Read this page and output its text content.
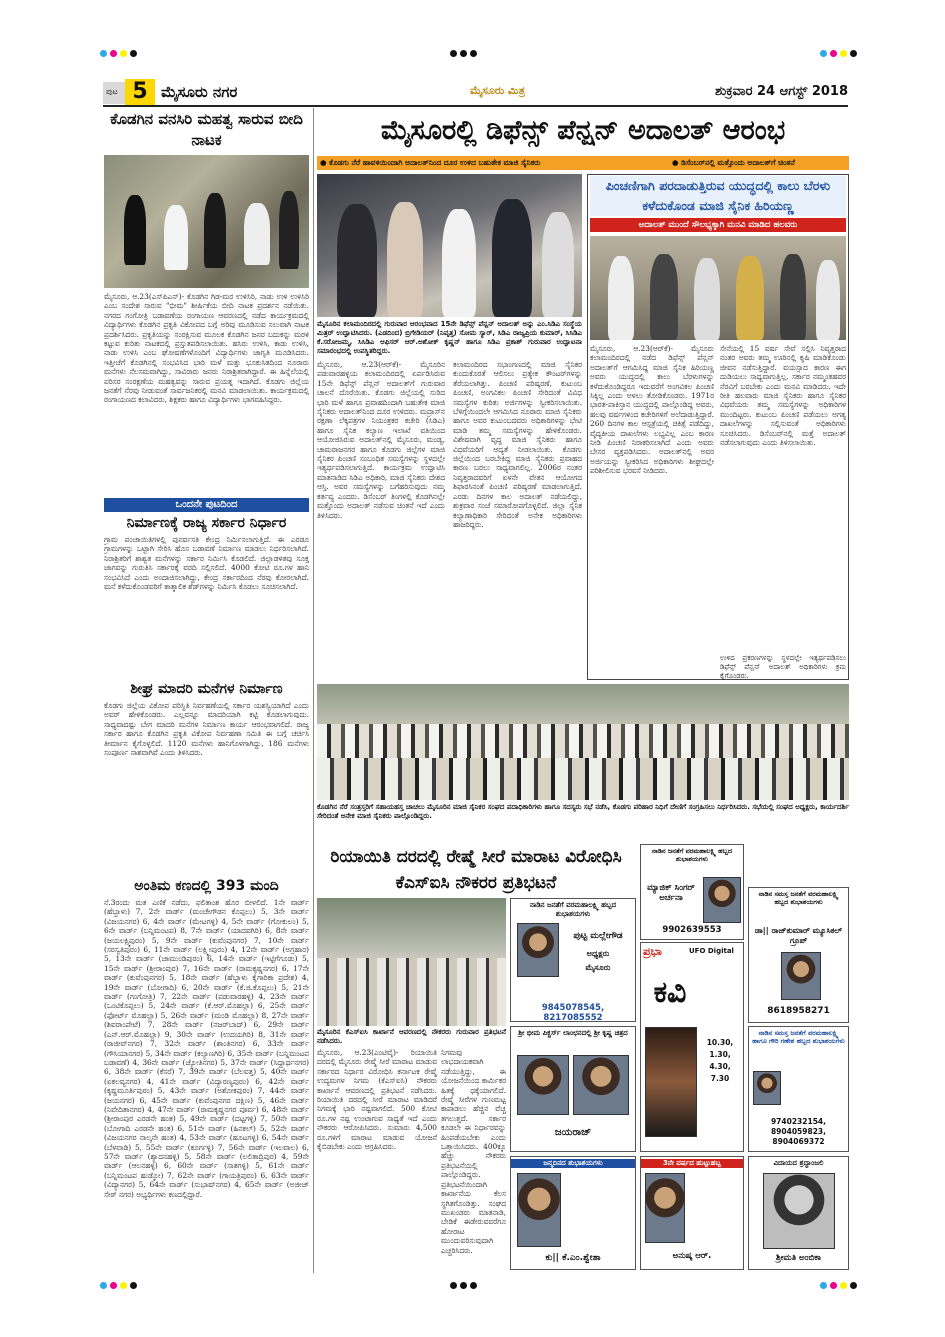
ಪುಟ 5 ಮೈಸೂರು ನಗರ	ಮೈಸೂರು ಮಿತ್ರ	ಶುಕ್ರವಾರ 24 ಆಗಸ್ಟ್ 2018
ಕೊಡಗಿನ ವನಸಿರಿ ಮಹತ್ವ ಸಾರುವ ಬೀದಿ ನಾಟಕ
ಮೈಸೂರು, ಆ.23(ಎಸ್‌ಪಿಎನ್)- ಕೊಡಗಿನ ಗಿಡ-ಮರ ಉಳಿಸಿರಿ, ನಾಡು ಉಳಿ ಉಳಿಸಿರಿ ಎಂಬ ಸಂದೇಶ ಸಾರುವ "ಭೀಮ" ಶೀರ್ಷಿಕೆಯ ಬೀದಿ ನಾಟಕ ಪ್ರದರ್ಶನ ನಡೆಯಿತು. ನಗರದ ಗಂಗೋತ್ರಿ ಬಡಾವಣೆಯ ರಂಗಾಯಣ ಆವರಣದಲ್ಲಿ ನಡೆದ ಕಾರ್ಯಕ್ರಮದಲ್ಲಿ ವಿದ್ಯಾರ್ಥಿಗಳು ಕೊಡಗಿನ ಪ್ರಕೃತಿ ವಿಕೋಪದ ಬಗ್ಗೆ ಅರಿವು ಮೂಡಿಸುವ ಸಲುವಾಗಿ ನಾಟಕ ಪ್ರದರ್ಶಿಸಿದರು. ಪ್ರಕೃತಿಯನ್ನು ಸಂರಕ್ಷಿಸುವ ಮೂಲಕ ಕೊಡಗಿನ ಜನರ ಬದುಕನ್ನು ಮರಳಿ ಕಟ್ಟುವ ಕುರಿತು ನಾಟಕದಲ್ಲಿ ಪ್ರಸ್ತುತಪಡಿಸಲಾಯಿತು. ಹಸಿರು ಉಳಿಸಿ, ಕಾಡು ಉಳಿಸಿ, ನಾಡು ಉಳಿಸಿ ಎಂಬ ಘೋಷಣೆಗಳೊಂದಿಗೆ ವಿದ್ಯಾರ್ಥಿಗಳು ಜಾಗೃತಿ ಮೂಡಿಸಿದರು. ಇತ್ತೀಚೆಗೆ ಕೊಡಗಿನಲ್ಲಿ ಸಂಭವಿಸಿದ ಭಾರಿ ಮಳೆ ಮತ್ತು ಭೂಕುಸಿತದಿಂದ ನೂರಾರು ಮನೆಗಳು ನೆಲಸಮವಾಗಿದ್ದು, ಸಾವಿರಾರು ಜನರು ನಿರಾಶ್ರಿತರಾಗಿದ್ದಾರೆ. ಈ ಹಿನ್ನೆಲೆಯಲ್ಲಿ ಪರಿಸರ ಸಂರಕ್ಷಣೆಯ ಮಹತ್ವವನ್ನು ಸಾರುವ ಪ್ರಯತ್ನ ಇದಾಗಿದೆ. ಕೊಡಗು ಜಿಲ್ಲೆಯ ಜನತೆಗೆ ನೆರವು ನೀಡುವಂತೆ ಸಾರ್ವಜನಿಕರಲ್ಲಿ ಮನವಿ ಮಾಡಲಾಯಿತು. ಕಾರ್ಯಕ್ರಮದಲ್ಲಿ ರಂಗಾಯಣದ ಕಲಾವಿದರು, ಶಿಕ್ಷಕರು ಹಾಗೂ ವಿದ್ಯಾರ್ಥಿಗಳು ಭಾಗವಹಿಸಿದ್ದರು.
ಒಂದನೇ ಪುಟದಿಂದ
ನಿರ್ಮಾಣಕ್ಕೆ ರಾಜ್ಯ ಸರ್ಕಾರ ನಿರ್ಧಾರ
ಗ್ರಾಮ ಪಂಚಾಯಿತಿಗಳಲ್ಲಿ ಪುನರ್ವಸತಿ ಕೇಂದ್ರ ನಿರ್ಮಿಸಲಾಗುತ್ತಿದೆ. ಈ ಎರಡೂ ಗ್ರಾಮಗಳನ್ನು ಒಟ್ಟಾಗಿ ಸೇರಿಸಿ ಹೊಸ ಬಡಾವಣೆ ನಿರ್ಮಾಣ ಮಾಡಲು ನಿರ್ಧರಿಸಲಾಗಿದೆ. ನಿರಾಶ್ರಿತರಿಗೆ ಶಾಶ್ವತ ಮನೆಗಳನ್ನು ಸರ್ಕಾರ ನಿರ್ಮಿಸಿ ಕೊಡಲಿದೆ. ಜಿಲ್ಲಾಡಳಿತವು ಸೂಕ್ತ ಜಾಗವನ್ನು ಗುರುತಿಸಿ ಸರ್ಕಾರಕ್ಕೆ ವರದಿ ಸಲ್ಲಿಸಲಿದೆ. 4000 ಕೋಟಿ ರೂ.ಗಳ ಹಾನಿ ಸಂಭವಿಸಿದೆ ಎಂದು ಅಂದಾಜಿಸಲಾಗಿದ್ದು, ಕೇಂದ್ರ ಸರ್ಕಾರದಿಂದ ನೆರವು ಕೋರಲಾಗಿದೆ. ಮನೆ ಕಳೆದುಕೊಂಡವರಿಗೆ ತಾತ್ಕಾಲಿಕ ಶೆಡ್‌ಗಳನ್ನು ನಿರ್ಮಿಸಿ ಕೊಡಲು ಸೂಚಿಸಲಾಗಿದೆ.
ಶೀಘ್ರ ಮಾದರಿ ಮನೆಗಳ ನಿರ್ಮಾಣ
ಕೊಡಗು ಜಿಲ್ಲೆಯ ವಿಕೋಪ ಪರಿಸ್ಥಿತಿ ನಿರ್ವಹಣೆಯಲ್ಲಿ ಸರ್ಕಾರ ಯಶಸ್ವಿಯಾಗಿದೆ ಎಂದು ಅವರ್ ಹೇಳಿಕೊಂಡರು. ಎಲ್ಲವನ್ನೂ ಮಾದರಿಯಾಗಿ ಕಟ್ಟಿ ಕೊಡಲಾಗುವುದು. ಸಾಧ್ಯವಾದಷ್ಟು ಬೇಗ ಮಾದರಿ ಮನೆಗಳ ನಿರ್ಮಾಣ ಕಾರ್ಯ ಆರಂಭವಾಗಲಿದೆ. ರಾಜ್ಯ ಸರ್ಕಾರ ಹಾಗೂ ಕೊಡಗಿನ ಪ್ರಕೃತಿ ವಿಕೋಪ ನಿರ್ವಹಣಾ ಸಮಿತಿ ಈ ಬಗ್ಗೆ ಚರ್ಚಿಸಿ ತೀರ್ಮಾನ ಕೈಗೊಳ್ಳಲಿದೆ. 1120 ಮನೆಗಳು ಹಾನಿಗೊಳಗಾಗಿದ್ದು, 186 ಮನೆಗಳು ಸಂಪೂರ್ಣ ನಾಶವಾಗಿವೆ ಎಂದು ತಿಳಿಸಿದರು.
ಅಂತಿಮ ಕಣದಲ್ಲಿ 393 ಮಂದಿ
ನೆ.3ರಂದು ಮತ ಎಣಿಕೆ ನಡೆದು, ಫಲಿತಾಂಶ ಹೊರ ಬೀಳಲಿದೆ. 1ನೇ ವಾರ್ಡ್ (ಹೆಬ್ಬಾಳು) 7, 2ನೇ ವಾರ್ಡ್ (ಮಂಚೇಗೌಡನ ಕೊಪ್ಪಲು) 5, 3ನೇ ವಾರ್ಡ್ (ವಿಜಯನಗರ) 6, 4ನೇ ವಾರ್ಡ್ (ಮೇಟಗಳ್ಳಿ) 4, 5ನೇ ವಾರ್ಡ್ (ಗೋಕುಲಂ) 5, 6ನೇ ವಾರ್ಡ್ (ಬನ್ನಿಮಂಟಪ) 8, 7ನೇ ವಾರ್ಡ್ (ಯಾದವಗಿರಿ) 6, 8ನೇ ವಾರ್ಡ್ (ಜಯಲಕ್ಷ್ಮಿಪುರಂ) 5, 9ನೇ ವಾರ್ಡ್ (ಕುವೆಂಪುನಗರ) 7, 10ನೇ ವಾರ್ಡ್ (ಸರಸ್ವತಿಪುರಂ) 6, 11ನೇ ವಾರ್ಡ್ (ಲಕ್ಷ್ಮೀಪುರಂ) 4, 12ನೇ ವಾರ್ಡ್ (ಅಗ್ರಹಾರ) 5, 13ನೇ ವಾರ್ಡ್ (ಚಾಮುಂಡಿಪುರಂ) 6, 14ನೇ ವಾರ್ಡ್ (ಇಟ್ಟಿಗೆಗೂಡು) 5, 15ನೇ ವಾರ್ಡ್ (ಶ್ರೀರಾಂಪುರ) 7, 16ನೇ ವಾರ್ಡ್ (ರಾಮಕೃಷ್ಣನಗರ) 6, 17ನೇ ವಾರ್ಡ್ (ಕುವೆಂಪುನಗರ) 5, 18ನೇ ವಾರ್ಡ್ (ಹೆಬ್ಬಾಳು ಕೈಗಾರಿಕಾ ಪ್ರದೇಶ) 4, 19ನೇ ವಾರ್ಡ್ (ಬೋಗಾದಿ) 6, 20ನೇ ವಾರ್ಡ್ (ಕೆ.ಜಿ.ಕೊಪ್ಪಲು) 5, 21ನೇ ವಾರ್ಡ್ (ಗಂಗೋತ್ರಿ) 7, 22ನೇ ವಾರ್ಡ್ (ಪಡುವಾರಹಳ್ಳಿ) 4, 23ನೇ ವಾರ್ಡ್ (ಒಂಟಿಕೊಪ್ಪಲು) 5, 24ನೇ ವಾರ್ಡ್ (ಕೆ.ಆರ್.ಮೊಹಲ್ಲಾ) 6, 25ನೇ ವಾರ್ಡ್ (ಫೋರ್ಟ್ ಮೊಹಲ್ಲಾ) 5, 26ನೇ ವಾರ್ಡ್ (ಮಂಡಿ ಮೊಹಲ್ಲಾ) 8, 27ನೇ ವಾರ್ಡ್ (ಶಿವರಾಂಪೇಟೆ) 7, 28ನೇ ವಾರ್ಡ್ (ನಜರ್‌ಬಾದ್) 6, 29ನೇ ವಾರ್ಡ್ (ಎನ್.ಆರ್.ಮೊಹಲ್ಲಾ) 9, 30ನೇ ವಾರ್ಡ್ (ಉದಯಗಿರಿ) 8, 31ನೇ ವಾರ್ಡ್ (ರಾಜೀವ್‌ನಗರ) 7, 32ನೇ ವಾರ್ಡ್ (ಶಾಂತಿನಗರ) 6, 33ನೇ ವಾರ್ಡ್ (ಗೌಸಿಯಾನಗರ) 5, 34ನೇ ವಾರ್ಡ್ (ಕಲ್ಯಾಣಗಿರಿ) 6, 35ನೇ ವಾರ್ಡ್ (ಬನ್ನಿಮಂಟಪ ಬಡಾವಣೆ) 4, 36ನೇ ವಾರ್ಡ್ (ಜ್ಯೋತಿನಗರ) 5, 37ನೇ ವಾರ್ಡ್ (ಸಿದ್ದಾರ್ಥನಗರ) 6, 38ನೇ ವಾರ್ಡ್ (ಕೆಸರೆ) 7, 39ನೇ ವಾರ್ಡ್ (ಬೆಲವತ್ತ) 5, 40ನೇ ವಾರ್ಡ್ (ಏಕಲವ್ಯನಗರ) 4, 41ನೇ ವಾರ್ಡ್ (ವಿದ್ಯಾರಣ್ಯಪುರಂ) 6, 42ನೇ ವಾರ್ಡ್ (ಕೃಷ್ಣಮೂರ್ತಿಪುರಂ) 5, 43ನೇ ವಾರ್ಡ್ (ಅಶೋಕಪುರಂ) 7, 44ನೇ ವಾರ್ಡ್ (ಜಯನಗರ) 6, 45ನೇ ವಾರ್ಡ್ (ಕುವೆಂಪುನಗರ ದಕ್ಷಿಣ) 5, 46ನೇ ವಾರ್ಡ್ (ನಿವೇದಿತಾನಗರ) 4, 47ನೇ ವಾರ್ಡ್ (ರಾಮಕೃಷ್ಣನಗರ ಪೂರ್ವ) 6, 48ನೇ ವಾರ್ಡ್ (ಶ್ರೀರಾಂಪುರ ಎರಡನೇ ಹಂತ) 5, 49ನೇ ವಾರ್ಡ್ (ದಟ್ಟಗಳ್ಳಿ) 7, 50ನೇ ವಾರ್ಡ್ (ಬೋಗಾದಿ ಎರಡನೇ ಹಂತ) 6, 51ನೇ ವಾರ್ಡ್ (ಹಿನಕಲ್) 5, 52ನೇ ವಾರ್ಡ್ (ವಿಜಯನಗರ ನಾಲ್ಕನೇ ಹಂತ) 4, 53ನೇ ವಾರ್ಡ್ (ಹೂಟಗಳ್ಳಿ) 6, 54ನೇ ವಾರ್ಡ್ (ಬೆಳವಾಡಿ) 5, 55ನೇ ವಾರ್ಡ್ (ಕೂರ್ಗಳ್ಳಿ) 7, 56ನೇ ವಾರ್ಡ್ (ಇಲವಾಲ) 6, 57ನೇ ವಾರ್ಡ್ (ಶ್ಯಾದನಹಳ್ಳಿ) 5, 58ನೇ ವಾರ್ಡ್ (ಲಲಿತಾದ್ರಿಪುರ) 4, 59ನೇ ವಾರ್ಡ್ (ಆಲನಹಳ್ಳಿ) 6, 60ನೇ ವಾರ್ಡ್ (ಸಾತಗಳ್ಳಿ) 5, 61ನೇ ವಾರ್ಡ್ (ಬನ್ನಿಮಂಟಪ ಹುಡ್ಕೋ) 7, 62ನೇ ವಾರ್ಡ್ (ಗಾಯತ್ರಿಪುರಂ) 6, 63ನೇ ವಾರ್ಡ್ (ವಿದ್ಯಾನಗರ) 5, 64ನೇ ವಾರ್ಡ್ (ಸುಭಾಷ್‌ನಗರ) 4, 65ನೇ ವಾರ್ಡ್ (ಅಜೀಜ್ ಸೇಠ್ ನಗರ) ಅಭ್ಯರ್ಥಿಗಳು ಕಣದಲ್ಲಿದ್ದಾರೆ.
ಮೈಸೂರಲ್ಲಿ ಡಿಫೆನ್ಸ್ ಪೆನ್ಷನ್ ಅದಾಲತ್ ಆರಂಭ
● ಕೊಡಗು ನೆರೆ ಹಾವಳಿಯಿಂದಾಗಿ ಅದಾಲತ್‌ನಿಂದ ದೂರ ಉಳಿದ ಬಹುತೇಕ ಮಾಜಿ ಸೈನಿಕರು	● ಡಿಸೆಂಬರ್‌ನಲ್ಲಿ ಮತ್ತೊಂದು ಅದಾಲತ್‌ಗೆ ಚಿಂತನೆ
ಮೈಸೂರಿನ ಕಲಾಮಂದಿರದಲ್ಲಿ ಗುರುವಾರ ಆರಂಭವಾದ 15ನೇ ಡಿಫೆನ್ಸ್ ಪೆನ್ಷನ್ ಅದಾಲತ್ ಅನ್ನು ಎಂ.ಸಿಡಿಎ ಸಂಸ್ಥೆಯ ಮಿತ್ರರ್ ಉದ್ಘಾಟಿಸಿದರು. (ಎಡದಿಂದ) ಬ್ರಿಗೇಡಿಯರ್ (ನಿವೃತ್ತ) ಸೋಮ ಸ್ಯಾರ್, ಸಿಡಿಎ ರಾಜ್ಯಪ್ರಿಯ ಕುಮಾರ್, ಸಿಸಿಡಿಎ ಕೆ.ಸರೋಜಮ್ಮ, ಸಿಸಿಡಿಎ ಆಫಿಸರ್ ಆರ್.ಅಶೋಕ್ ಕೃಷ್ಣನ್ ಹಾಗೂ ಸಿಡಿಎ ಪ್ರಕಾಶ್ ಗುರುವಾರ ಉದ್ಘಾಟನಾ ಸಮಾರಂಭದಲ್ಲಿ ಉಪಸ್ಥಿತರಿದ್ದರು.
ಮೈಸೂರು, ಆ.23(ಆರ್‌ಕೆ)- ಮೈಸೂರಿನ ಪಡುವಾರಹಳ್ಳಿಯ ಕಲಾಮಂದಿರದಲ್ಲಿ ಏರ್ಪಡಿಸಿರುವ 15ನೇ ಡಿಫೆನ್ಸ್ ಪೆನ್ಷನ್ ಅದಾಲತ್‌ಗೆ ಗುರುವಾರ ಚಾಲನೆ ದೊರೆಯಿತು. ಕೊಡಗು ಜಿಲ್ಲೆಯಲ್ಲಿ ಸುರಿದ ಭಾರಿ ಮಳೆ ಹಾಗೂ ಪ್ರವಾಹದಿಂದಾಗಿ ಬಹುತೇಕ ಮಾಜಿ ಸೈನಿಕರು ಅದಾಲತ್‌ನಿಂದ ದೂರ ಉಳಿದರು. ಮದ್ರಾಸ್‌ನ ರಕ್ಷಣಾ ಲೆಕ್ಕಪತ್ರಗಳ ನಿಯಂತ್ರಕರ ಕಚೇರಿ (ಸಿಡಿಎ) ಹಾಗೂ ಸೈನಿಕ ಕಲ್ಯಾಣ ಇಲಾಖೆ ವತಿಯಿಂದ ಆಯೋಜಿಸಿರುವ ಅದಾಲತ್‌ನಲ್ಲಿ ಮೈಸೂರು, ಮಂಡ್ಯ, ಚಾಮರಾಜನಗರ ಹಾಗೂ ಕೊಡಗು ಜಿಲ್ಲೆಗಳ ಮಾಜಿ ಸೈನಿಕರ ಪಿಂಚಣಿ ಸಂಬಂಧಿತ ಸಮಸ್ಯೆಗಳನ್ನು ಸ್ಥಳದಲ್ಲೇ ಇತ್ಯರ್ಥಪಡಿಸಲಾಗುತ್ತಿದೆ. ಕಾರ್ಯಕ್ರಮ ಉದ್ಘಾಟಿಸಿ ಮಾತನಾಡಿದ ಸಿಡಿಎ ಅಧಿಕಾರಿ, ಮಾಜಿ ಸೈನಿಕರು ದೇಶದ ಆಸ್ತಿ. ಅವರ ಸಮಸ್ಯೆಗಳನ್ನು ಬಗೆಹರಿಸುವುದು ನಮ್ಮ ಕರ್ತವ್ಯ ಎಂದರು. ಡಿಸೆಂಬರ್ ತಿಂಗಳಲ್ಲಿ ಕೊಡಗಿನಲ್ಲೇ ಮತ್ತೊಂದು ಅದಾಲತ್ ನಡೆಸುವ ಚಿಂತನೆ ಇದೆ ಎಂದು ತಿಳಿಸಿದರು.
ಕಲಾಮಂದಿರದ ಸಭಾಂಗಣದಲ್ಲಿ ಮಾಜಿ ಸೈನಿಕರ ಕುಂದುಕೊರತೆ ಆಲಿಸಲು ಪ್ರತ್ಯೇಕ ಕೌಂಟರ್‌ಗಳನ್ನು ತೆರೆಯಲಾಗಿತ್ತು. ಪಿಂಚಣಿ ಪರಿಷ್ಕರಣೆ, ಕುಟುಂಬ ಪಿಂಚಣಿ, ಅಂಗವಿಕಲ ಪಿಂಚಣಿ ಸೇರಿದಂತೆ ವಿವಿಧ ಸಮಸ್ಯೆಗಳ ಕುರಿತು ಅರ್ಜಿಗಳನ್ನು ಸ್ವೀಕರಿಸಲಾಯಿತು. ಬೆಳಿಗ್ಗೆಯಿಂದಲೇ ಆಗಮಿಸಿದ ನೂರಾರು ಮಾಜಿ ಸೈನಿಕರು ಹಾಗೂ ಅವರ ಕುಟುಂಬದವರು ಅಧಿಕಾರಿಗಳನ್ನು ಭೇಟಿ ಮಾಡಿ ತಮ್ಮ ಸಮಸ್ಯೆಗಳನ್ನು ಹೇಳಿಕೊಂಡರು. ವಿಶೇಷವಾಗಿ ವೃದ್ಧ ಮಾಜಿ ಸೈನಿಕರು ಹಾಗೂ ವಿಧವೆಯರಿಗೆ ಆದ್ಯತೆ ನೀಡಲಾಯಿತು. ಕೊಡಗು ಜಿಲ್ಲೆಯಿಂದ ಬರಬೇಕಿದ್ದ ಮಾಜಿ ಸೈನಿಕರು ಪ್ರವಾಹದ ಕಾರಣ ಬರಲು ಸಾಧ್ಯವಾಗಲಿಲ್ಲ. 2006ರ ನಂತರ ನಿವೃತ್ತರಾದವರಿಗೆ ಏಳನೇ ವೇತನ ಆಯೋಗದ ಶಿಫಾರಸಿನಂತೆ ಪಿಂಚಣಿ ಪರಿಷ್ಕರಣೆ ಮಾಡಲಾಗುತ್ತಿದೆ. ಎರಡು ದಿನಗಳ ಕಾಲ ಅದಾಲತ್ ನಡೆಯಲಿದ್ದು, ಶುಕ್ರವಾರ ಸಂಜೆ ಸಮಾರೋಪಗೊಳ್ಳಲಿದೆ. ಜಿಲ್ಲಾ ಸೈನಿಕ ಕಲ್ಯಾಣಾಧಿಕಾರಿ ಸೇರಿದಂತೆ ಅನೇಕ ಅಧಿಕಾರಿಗಳು ಹಾಜರಿದ್ದರು.
ಪಿಂಚಣಿಗಾಗಿ ಪರದಾಡುತ್ತಿರುವ ಯುದ್ಧದಲ್ಲಿ ಕಾಲು ಬೆರಳು ಕಳೆದುಕೊಂಡ ಮಾಜಿ ಸೈನಿಕ ಹಿರಿಯಣ್ಣ
ಅದಾಲತ್ ಮುಂದೆ ಸೌಲಭ್ಯಕ್ಕಾಗಿ ಮನವಿ ಮಾಡಿದ ಹಲವರು
ಮೈಸೂರು, ಆ.23(ಆರ್‌ಕೆ)- ಮೈಸೂರು ಕಲಾಮಂದಿರದಲ್ಲಿ ನಡೆದ ಡಿಫೆನ್ಸ್ ಪೆನ್ಷನ್ ಅದಾಲತ್‌ಗೆ ಆಗಮಿಸಿದ್ದ ಮಾಜಿ ಸೈನಿಕ ಹಿರಿಯಣ್ಣ ಅವರು ಯುದ್ಧದಲ್ಲಿ ಕಾಲು ಬೆರಳುಗಳನ್ನು ಕಳೆದುಕೊಂಡಿದ್ದರೂ ಇದುವರೆಗೆ ಅಂಗವಿಕಲ ಪಿಂಚಣಿ ಸಿಕ್ಕಿಲ್ಲ ಎಂದು ಅಳಲು ತೋಡಿಕೊಂಡರು. 1971ರ ಭಾರತ-ಪಾಕಿಸ್ತಾನ ಯುದ್ಧದಲ್ಲಿ ಪಾಲ್ಗೊಂಡಿದ್ದ ಅವರು, ಹಲವು ವರ್ಷಗಳಿಂದ ಕಚೇರಿಗಳಿಗೆ ಅಲೆದಾಡುತ್ತಿದ್ದಾರೆ. 260 ದಿನಗಳ ಕಾಲ ಆಸ್ಪತ್ರೆಯಲ್ಲಿ ಚಿಕಿತ್ಸೆ ಪಡೆದಿದ್ದು, ವೈದ್ಯಕೀಯ ದಾಖಲೆಗಳು ಲಭ್ಯವಿಲ್ಲ ಎಂಬ ಕಾರಣ ನೀಡಿ ಪಿಂಚಣಿ ನಿರಾಕರಿಸಲಾಗಿದೆ ಎಂದು ಅವರು ಬೇಸರ ವ್ಯಕ್ತಪಡಿಸಿದರು. ಅದಾಲತ್‌ನಲ್ಲಿ ಅವರ ಅರ್ಜಿಯನ್ನು ಸ್ವೀಕರಿಸಿದ ಅಧಿಕಾರಿಗಳು ಶೀಘ್ರದಲ್ಲೇ ಪರಿಶೀಲಿಸುವ ಭರವಸೆ ನೀಡಿದರು.
ಸೇನೆಯಲ್ಲಿ 15 ವರ್ಷ ಸೇವೆ ಸಲ್ಲಿಸಿ ನಿವೃತ್ತರಾದ ನಂತರ ಅವರು ತಮ್ಮ ಊರಿನಲ್ಲಿ ಕೃಷಿ ಮಾಡಿಕೊಂಡು ಜೀವನ ನಡೆಸುತ್ತಿದ್ದಾರೆ. ವಯಸ್ಸಾದ ಕಾರಣ ಈಗ ದುಡಿಯಲು ಸಾಧ್ಯವಾಗುತ್ತಿಲ್ಲ. ಸರ್ಕಾರ ನಮ್ಮಂತಹವರ ನೆರವಿಗೆ ಬರಬೇಕು ಎಂದು ಮನವಿ ಮಾಡಿದರು. ಇದೇ ರೀತಿ ಹಲವಾರು ಮಾಜಿ ಸೈನಿಕರು ಹಾಗೂ ಸೈನಿಕರ ವಿಧವೆಯರು ತಮ್ಮ ಸಮಸ್ಯೆಗಳನ್ನು ಅಧಿಕಾರಿಗಳ ಮುಂದಿಟ್ಟರು. ಕುಟುಂಬ ಪಿಂಚಣಿ ಪಡೆಯಲು ಅಗತ್ಯ ದಾಖಲೆಗಳನ್ನು ಸಲ್ಲಿಸುವಂತೆ ಅಧಿಕಾರಿಗಳು ಸೂಚಿಸಿದರು. ಡಿಸೆಂಬರ್‌ನಲ್ಲಿ ಮತ್ತೆ ಅದಾಲತ್ ನಡೆಸಲಾಗುವುದು ಎಂದು ತಿಳಿಸಲಾಯಿತು.
ಉಳಿದ ಪ್ರಕರಣಗಳನ್ನು ಸ್ಥಳದಲ್ಲೇ ಇತ್ಯರ್ಥಪಡಿಸಲು ಡಿಫೆನ್ಸ್ ಪೆನ್ಷನ್ ಅದಾಲತ್ ಅಧಿಕಾರಿಗಳು ಕ್ರಮ ಕೈಗೊಂಡರು.
ಕೊಡಗಿನ ನೆರೆ ಸಂತ್ರಸ್ತರಿಗೆ ಸಹಾಯಹಸ್ತ ಚಾಚಲು ಮೈಸೂರಿನ ಮಾಜಿ ಸೈನಿಕರ ಸಂಘದ ಪದಾಧಿಕಾರಿಗಳು ಹಾಗೂ ಸದಸ್ಯರು ಸಭೆ ನಡೆಸಿ, ಕೊಡಗು ಪರಿಹಾರ ನಿಧಿಗೆ ದೇಣಿಗೆ ಸಂಗ್ರಹಿಸಲು ನಿರ್ಧರಿಸಿದರು. ಸಭೆಯಲ್ಲಿ ಸಂಘದ ಅಧ್ಯಕ್ಷರು, ಕಾರ್ಯದರ್ಶಿ ಸೇರಿದಂತೆ ಅನೇಕ ಮಾಜಿ ಸೈನಿಕರು ಪಾಲ್ಗೊಂಡಿದ್ದರು.
ರಿಯಾಯಿತಿ ದರದಲ್ಲಿ ರೇಷ್ಮೆ ಸೀರೆ ಮಾರಾಟ ವಿರೋಧಿಸಿ ಕೆಎಸ್‌ಐಸಿ ನೌಕರರ ಪ್ರತಿಭಟನೆ
ಮೈಸೂರಿನ ಕೆಎಸ್‌ಐಸಿ ಕಾರ್ಖಾನೆ ಆವರಣದಲ್ಲಿ ನೌಕರರು ಗುರುವಾರ ಪ್ರತಿಭಟನೆ ನಡೆಸಿದರು.
ಮೈಸೂರು, ಆ.23(ಎಂಟಿವೈ)- ರಿಯಾಯಿತಿ ದರದಲ್ಲಿ ಮೈಸೂರು ರೇಷ್ಮೆ ಸೀರೆ ಮಾರಾಟ ಮಾಡುವ ಸರ್ಕಾರದ ನಿರ್ಧಾರ ವಿರೋಧಿಸಿ ಕರ್ನಾಟಕ ರೇಷ್ಮೆ ಉದ್ಯಮಗಳ ನಿಗಮ (ಕೆಎಸ್‌ಐಸಿ) ನೌಕರರು ಕಾರ್ಖಾನೆ ಆವರಣದಲ್ಲಿ ಪ್ರತಿಭಟನೆ ನಡೆಸಿದರು. ರಿಯಾಯಿತಿ ದರದಲ್ಲಿ ಸೀರೆ ಮಾರಾಟ ಮಾಡಿದರೆ ನಿಗಮಕ್ಕೆ ಭಾರಿ ನಷ್ಟವಾಗಲಿದೆ. 500 ಕೋಟಿ ರೂ.ಗಳ ನಷ್ಟ ಉಂಟಾಗುವ ಸಾಧ್ಯತೆ ಇದೆ ಎಂದು ನೌಕರರು ಆರೋಪಿಸಿದರು. ಸುಮಾರು 4,500 ರೂ.ಗಳಿಗೆ ಮಾರಾಟ ಮಾಡುವ ಯೋಜನೆ ಕೈಬಿಡಬೇಕು ಎಂದು ಆಗ್ರಹಿಸಿದರು.
ನಿಗಮವು ಲಾಭದಾಯಕವಾಗಿ ನಡೆಯುತ್ತಿದ್ದು, ಈ ಯೋಜನೆಯಿಂದ ಕಾರ್ಮಿಕರ ಹಿತಕ್ಕೆ ಧಕ್ಕೆಯಾಗಲಿದೆ. ರೇಷ್ಮೆ ಸೀರೆಗಳ ಗುಣಮಟ್ಟ ಕಾಪಾಡಲು ಹೆಚ್ಚಿನ ವೆಚ್ಚ ತಗಲುತ್ತದೆ. ಸರ್ಕಾರ ಕೂಡಲೇ ಈ ನಿರ್ಧಾರವನ್ನು ಹಿಂಪಡೆಯಬೇಕು ಎಂದು ಒತ್ತಾಯಿಸಿದರು. 400ಕ್ಕೂ ಹೆಚ್ಚು ನೌಕರರು ಪ್ರತಿಭಟನೆಯಲ್ಲಿ ಪಾಲ್ಗೊಂಡಿದ್ದರು. ಪ್ರತಿಭಟನೆಯಿಂದಾಗಿ ಕಾರ್ಖಾನೆಯ ಕೆಲಸ ಸ್ಥಗಿತಗೊಂಡಿತ್ತು. ಸಂಘದ ಮುಖಂಡರು ಮಾತನಾಡಿ, ಬೇಡಿಕೆ ಈಡೇರುವವರೆಗೂ ಹೋರಾಟ ಮುಂದುವರಿಸುವುದಾಗಿ ಎಚ್ಚರಿಸಿದರು.
ನಾಡಿನ ಜನತೆಗೆ ವರಮಹಾಲಕ್ಷ್ಮಿ ಹಬ್ಬದ ಶುಭಾಶಯಗಳು
ಪುಟ್ಟ ಮಲ್ಲೇಗೌಡ
ಅಧ್ಯಕ್ಷರು
ಮೈಸೂರು
9845078545, 8217085552
ನಾಡಿನ ಜನತೆಗೆ ವರಮಹಾಲಕ್ಷ್ಮಿ ಹಬ್ಬದ ಶುಭಾಶಯಗಳು
ಮ್ಯಾಜಿಕ್ ಸಿಂಗರ್ ಅರ್ಚನಾ
9902639553
ನಾಡಿನ ಸಮಸ್ತ ಜನತೆಗೆ ವರಮಹಾಲಕ್ಷ್ಮಿ ಹಬ್ಬದ ಶುಭಾಶಯಗಳು
ಡಾ|| ರಾಜ್‌ಕುಮಾರ್ ಮ್ಯೂಸಿಕಲ್ ಗ್ರೂಪ್
8618958271
ಶ್ರೀ ಭೀಮ ಪಿಕ್ಚರ್ಸ್ ಲಾಂಛನದಲ್ಲಿ ಶ್ರೀ ಕೃಷ್ಣ ಚಿತ್ರದ
ಜಯರಾಜ್
ಪ್ರಭಾ	UFO Digital
ಕವಿ
10.30, 1.30, 4.30, 7.30
ನಾಡಿನ ಸಮಸ್ತ ಜನತೆಗೆ ವರಮಹಾಲಕ್ಷ್ಮಿ ಹಾಗೂ ಗೌರಿ ಗಣೇಶ ಹಬ್ಬದ ಶುಭಾಶಯಗಳು
9740232154, 8904059823, 8904069372
ಜನ್ಮದಿನದ ಶುಭಾಶಯಗಳು
ಕು|| ಕೆ.ಎಂ.ಶ್ವೇತಾ
3ನೇ ವರ್ಷದ ಹುಟ್ಟುಹಬ್ಬ
ಅನುಷ್ಕ ಆರ್.
ವಿದಾಯದ ಶ್ರದ್ಧಾಂಜಲಿ
ಶ್ರೀಮತಿ ಅಂಬಿಕಾ
